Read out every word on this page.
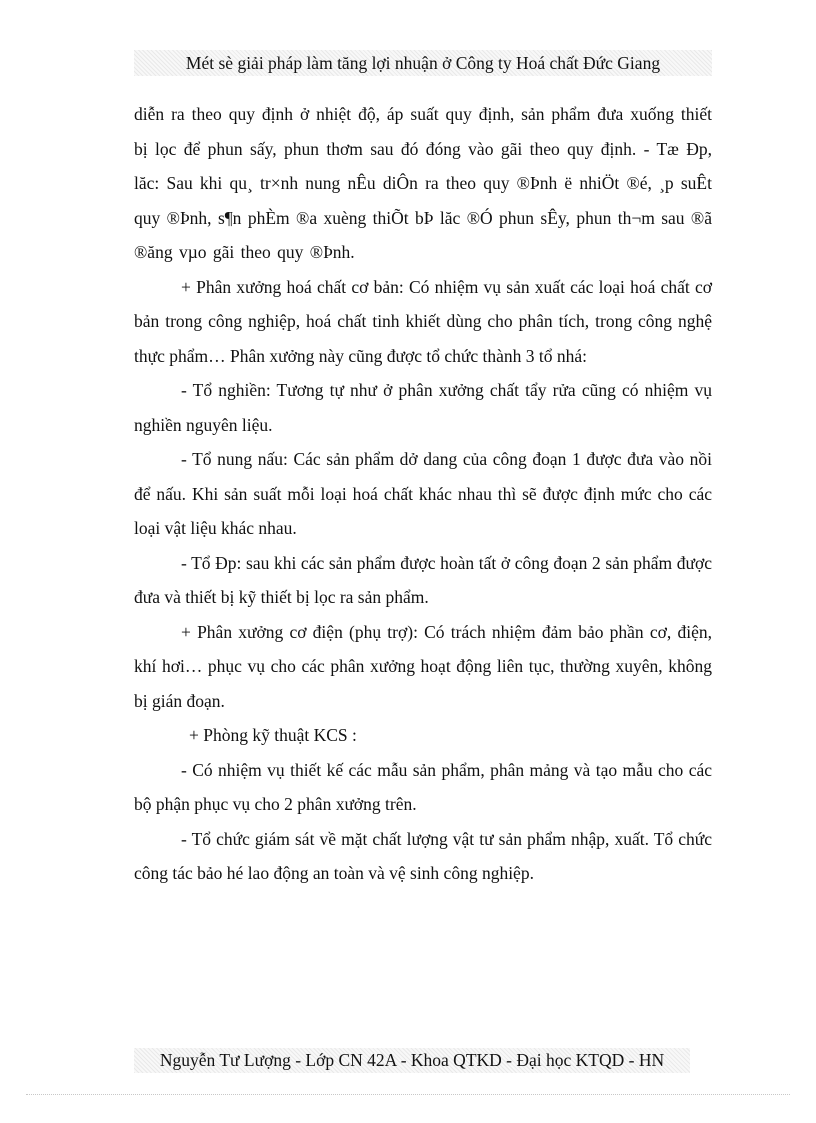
Mét sè giải pháp làm tăng lợi nhuận ở Công ty Hoá chất Đức Giang

diễn ra theo quy định ở nhiệt độ, áp suất quy định, sản phẩm đưa xuống thiết bị lọc để phun sấy, phun thơm sau đó đóng vào gãi theo quy định. - Tæ Ðp, lăc: Sau khi qu¸ tr×nh nung nÊu diÔn ra theo quy ®Þnh ë nhiÖt ®é, ¸p suÊt quy ®Þnh, s¶n phÈm ®a xuèng thiÕt bÞ lăc ®Ó phun sÊy, phun th¬m sau ®ã ®ăng vµo gãi theo quy ®Þnh.

+ Phân xưởng hoá chất cơ bản: Có nhiệm vụ sản xuất các loại hoá chất cơ bản trong công nghiệp, hoá chất tinh khiết dùng cho phân tích, trong công nghệ thực phẩm… Phân xưởng này cũng được tổ chức thành 3 tổ nhá:

- Tổ nghiền: Tương tự như ở phân xưởng chất tẩy rửa cũng có nhiệm vụ nghiền nguyên liệu.

- Tổ nung nấu: Các sản phẩm dở dang của công đoạn 1 được đưa vào nồi để nấu. Khi sản suất mỗi loại hoá chất khác nhau thì sẽ được định mức cho các loại vật liệu khác nhau.

- Tổ Ðp: sau khi các sản phẩm được hoàn tất ở công đoạn 2 sản phẩm được đưa và thiết bị kỹ thiết bị lọc ra sản phẩm.

+ Phân xưởng cơ điện (phụ trợ): Có trách nhiệm đảm bảo phần cơ, điện, khí hơi… phục vụ cho các phân xưởng hoạt động liên tục, thường xuyên, không bị gián đoạn.

+ Phòng kỹ thuật KCS :

- Có nhiệm vụ thiết kế các mẫu sản phẩm, phân mảng và tạo mẫu cho các bộ phận phục vụ cho 2 phân xưởng trên.

- Tổ chức giám sát về mặt chất lượng vật tư sản phẩm nhập, xuất. Tổ chức công tác bảo hé lao động an toàn và vệ sinh công nghiệp.

Nguyễn Tư Lượng - Lớp CN 42A - Khoa QTKD - Đại học KTQD - HN
